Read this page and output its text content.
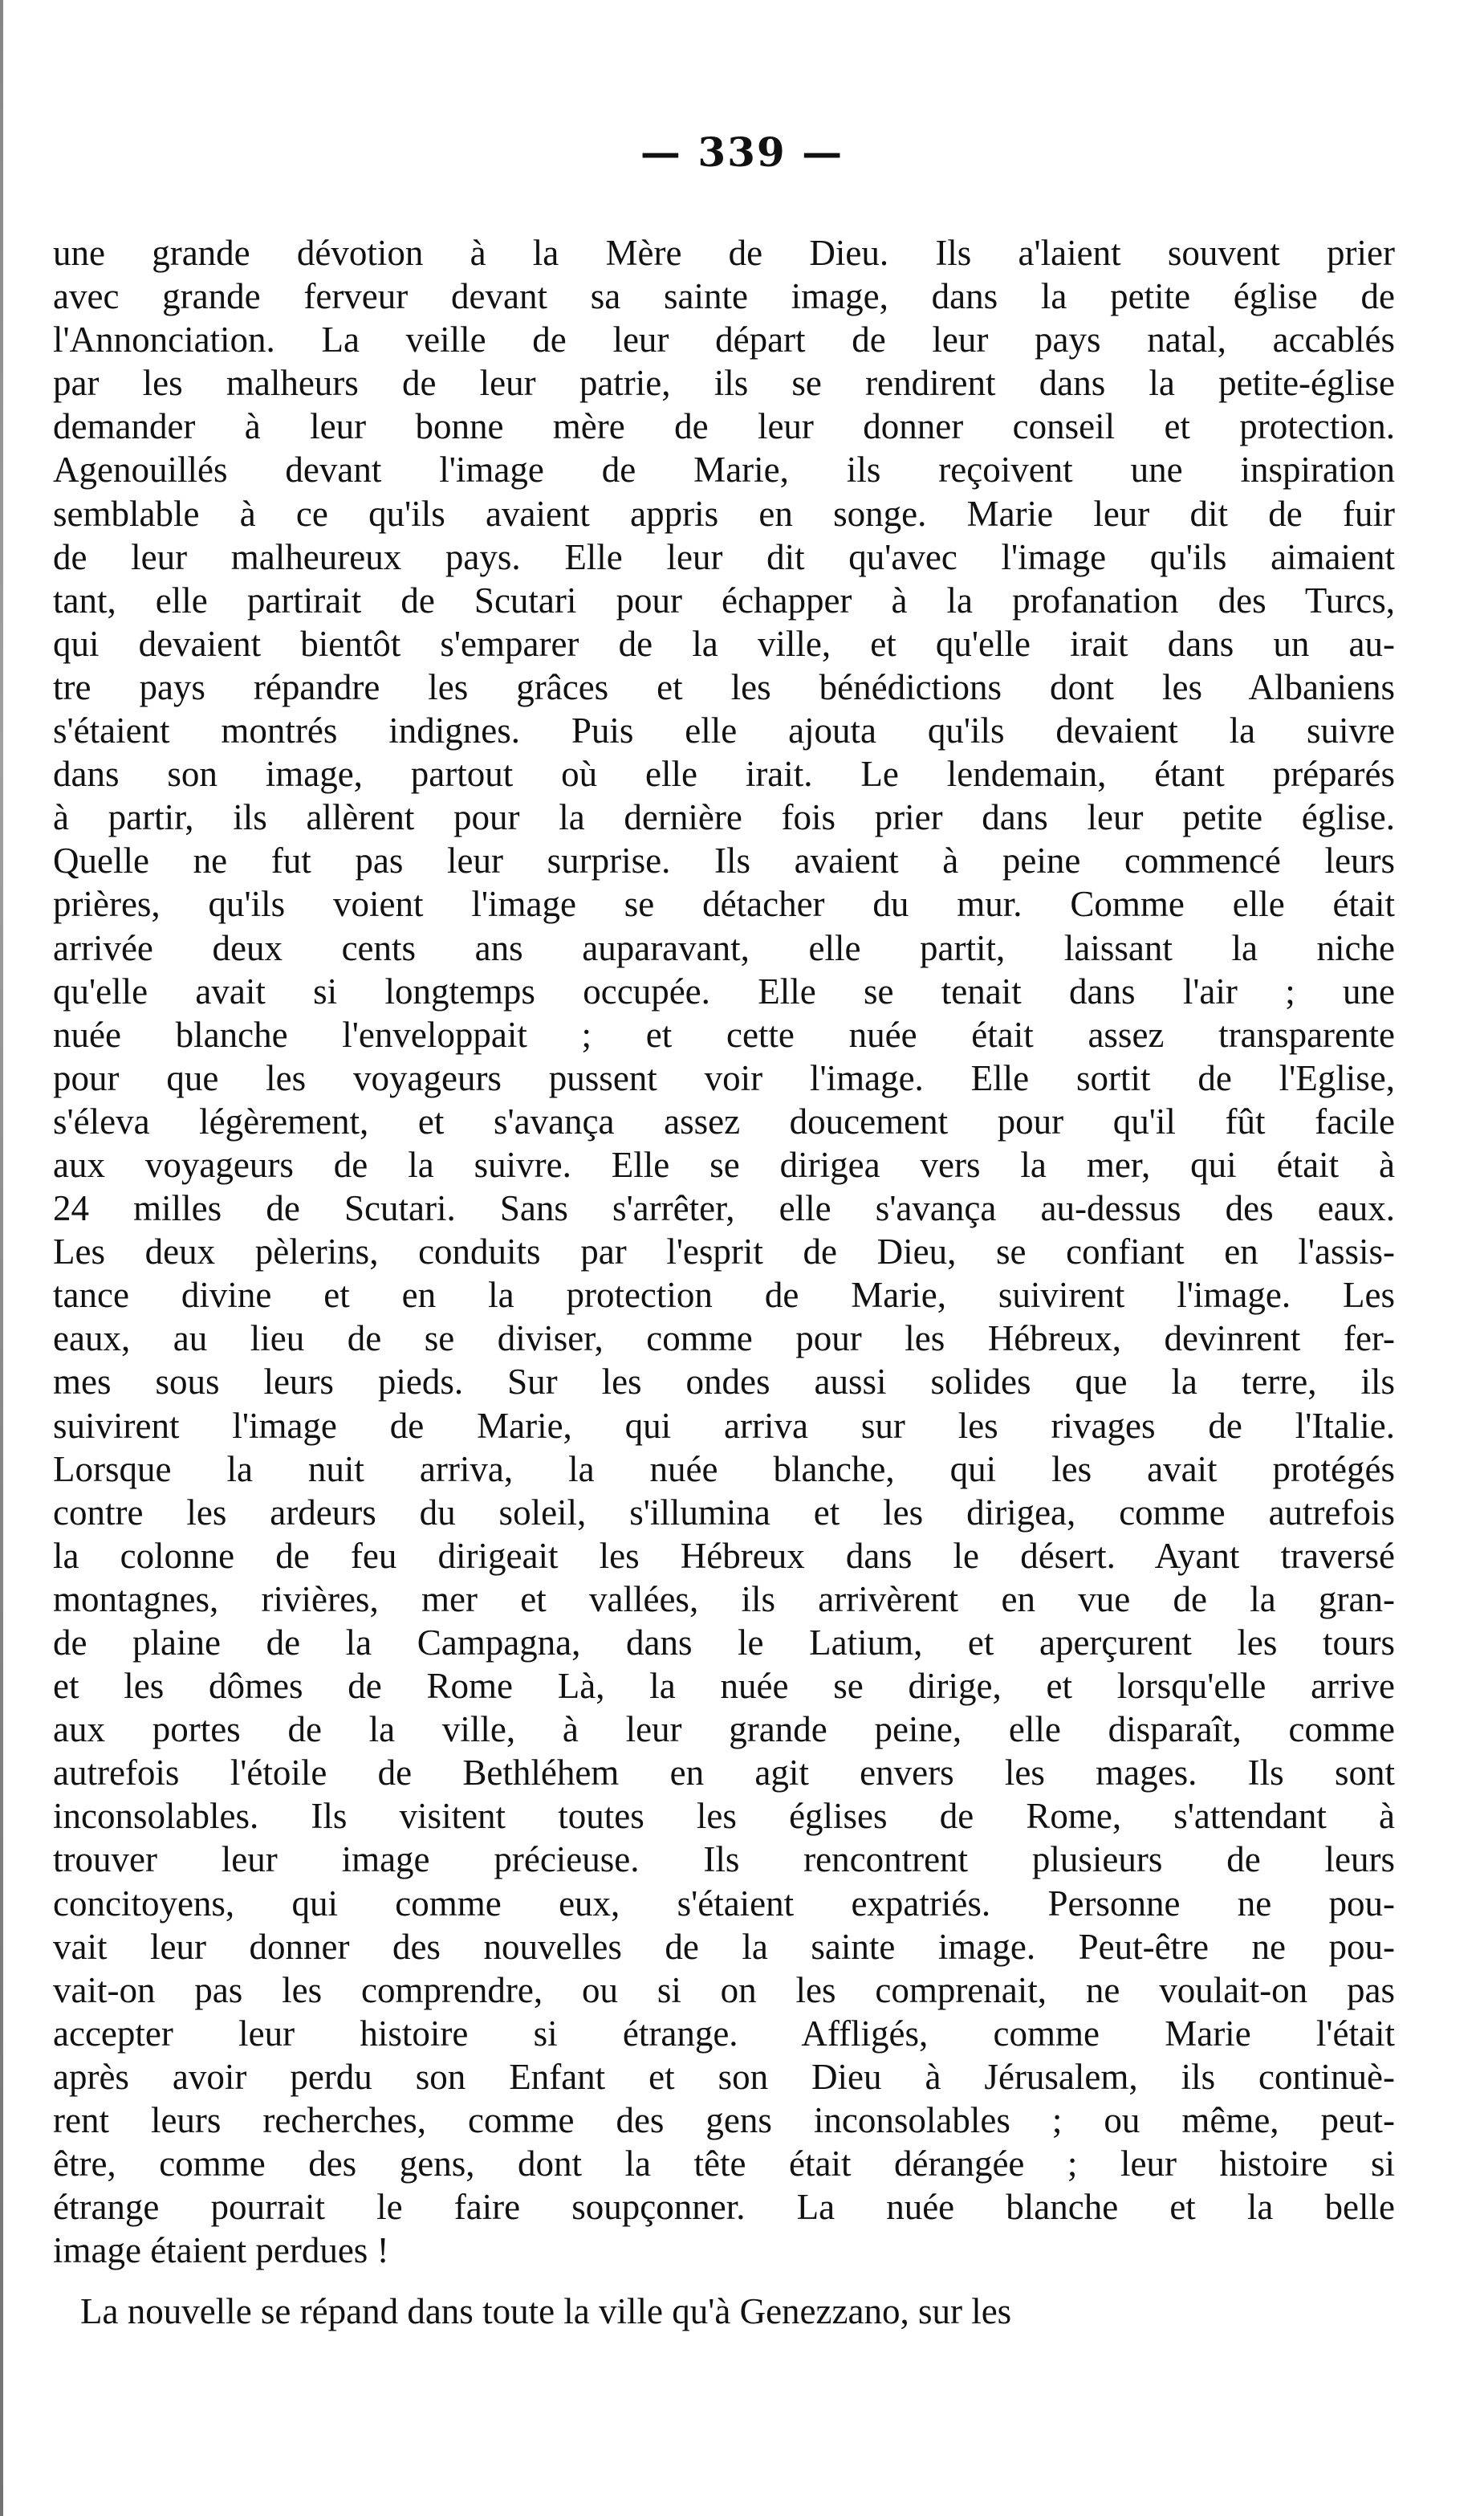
— 339 —
une grande dévotion à la Mère de Dieu. Ils a'laient souvent prier
avec grande ferveur devant sa sainte image, dans la petite église de
l'Annonciation. La veille de leur départ de leur pays natal, accablés
par les malheurs de leur patrie, ils se rendirent dans la petite-église
demander à leur bonne mère de leur donner conseil et protection.
Agenouillés devant l'image de Marie, ils reçoivent une inspiration
semblable à ce qu'ils avaient appris en songe. Marie leur dit de fuir
de leur malheureux pays. Elle leur dit qu'avec l'image qu'ils aimaient
tant, elle partirait de Scutari pour échapper à la profanation des Turcs,
qui devaient bientôt s'emparer de la ville, et qu'elle irait dans un au-
tre pays répandre les grâces et les bénédictions dont les Albaniens
s'étaient montrés indignes. Puis elle ajouta qu'ils devaient la suivre
dans son image, partout où elle irait. Le lendemain, étant préparés
à partir, ils allèrent pour la dernière fois prier dans leur petite église.
Quelle ne fut pas leur surprise. Ils avaient à peine commencé leurs
prières, qu'ils voient l'image se détacher du mur. Comme elle était
arrivée deux cents ans auparavant, elle partit, laissant la niche
qu'elle avait si longtemps occupée. Elle se tenait dans l'air ; une
nuée blanche l'enveloppait ; et cette nuée était assez transparente
pour que les voyageurs pussent voir l'image. Elle sortit de l'Eglise,
s'éleva légèrement, et s'avança assez doucement pour qu'il fût facile
aux voyageurs de la suivre. Elle se dirigea vers la mer, qui était à
24 milles de Scutari. Sans s'arrêter, elle s'avança au-dessus des eaux.
Les deux pèlerins, conduits par l'esprit de Dieu, se confiant en l'assis-
tance divine et en la protection de Marie, suivirent l'image. Les
eaux, au lieu de se diviser, comme pour les Hébreux, devinrent fer-
mes sous leurs pieds. Sur les ondes aussi solides que la terre, ils
suivirent l'image de Marie, qui arriva sur les rivages de l'Italie.
Lorsque la nuit arriva, la nuée blanche, qui les avait protégés
contre les ardeurs du soleil, s'illumina et les dirigea, comme autrefois
la colonne de feu dirigeait les Hébreux dans le désert. Ayant traversé
montagnes, rivières, mer et vallées, ils arrivèrent en vue de la gran-
de plaine de la Campagna, dans le Latium, et aperçurent les tours
et les dômes de Rome Là, la nuée se dirige, et lorsqu'elle arrive
aux portes de la ville, à leur grande peine, elle disparaît, comme
autrefois l'étoile de Bethléhem en agit envers les mages. Ils sont
inconsolables. Ils visitent toutes les églises de Rome, s'attendant à
trouver leur image précieuse. Ils rencontrent plusieurs de leurs
concitoyens, qui comme eux, s'étaient expatriés. Personne ne pou-
vait leur donner des nouvelles de la sainte image. Peut-être ne pou-
vait-on pas les comprendre, ou si on les comprenait, ne voulait-on pas
accepter leur histoire si étrange. Affligés, comme Marie l'était
après avoir perdu son Enfant et son Dieu à Jérusalem, ils continuè-
rent leurs recherches, comme des gens inconsolables ; ou même, peut-
être, comme des gens, dont la tête était dérangée ; leur histoire si
étrange pourrait le faire soupçonner. La nuée blanche et la belle
image étaient perdues !
La nouvelle se répand dans toute la ville qu'à Genezzano, sur les
